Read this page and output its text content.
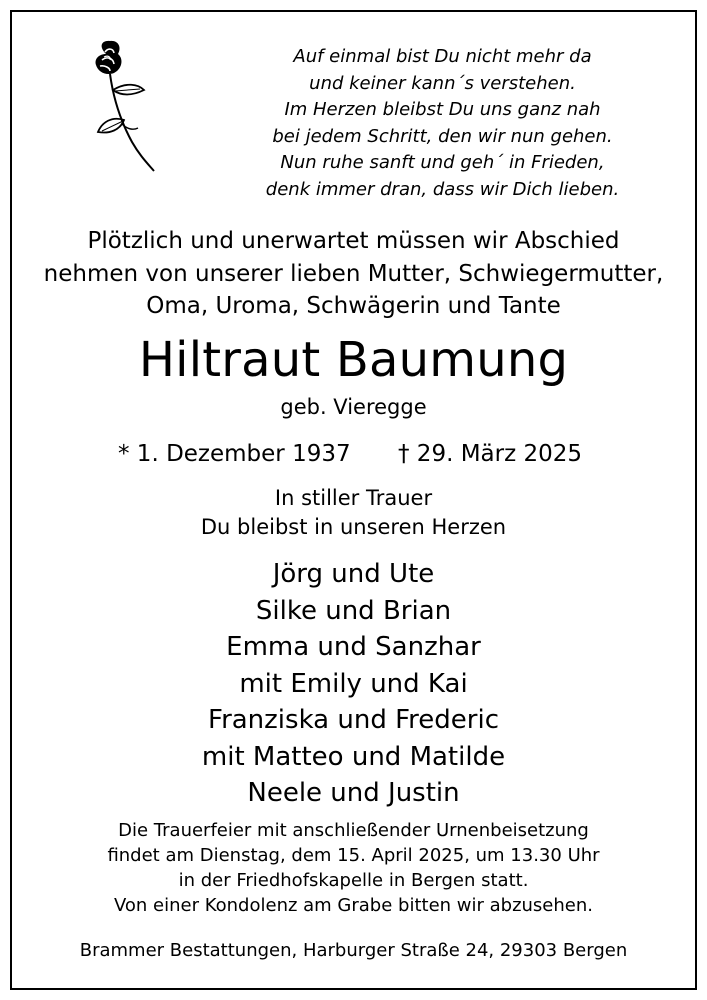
Auf einmal bist Du nicht mehr da
und keiner kann´s verstehen.
Im Herzen bleibst Du uns ganz nah
bei jedem Schritt, den wir nun gehen.
Nun ruhe sanft und geh´ in Frieden,
denk immer dran, dass wir Dich lieben.
Plötzlich und unerwartet müssen wir Abschied
nehmen von unserer lieben Mutter, Schwiegermutter,
Oma, Uroma, Schwägerin und Tante
Hiltraut Baumung
geb. Vieregge
* 1. Dezember 1937 † 29. März 2025
In stiller Trauer
Du bleibst in unseren Herzen
Jörg und Ute
Silke und Brian
Emma und Sanzhar
mit Emily und Kai
Franziska und Frederic
mit Matteo und Matilde
Neele und Justin
Die Trauerfeier mit anschließender Urnenbeisetzung
findet am Dienstag, dem 15. April 2025, um 13.30 Uhr
in der Friedhofskapelle in Bergen statt.
Von einer Kondolenz am Grabe bitten wir abzusehen.
Brammer Bestattungen, Harburger Straße 24, 29303 Bergen
